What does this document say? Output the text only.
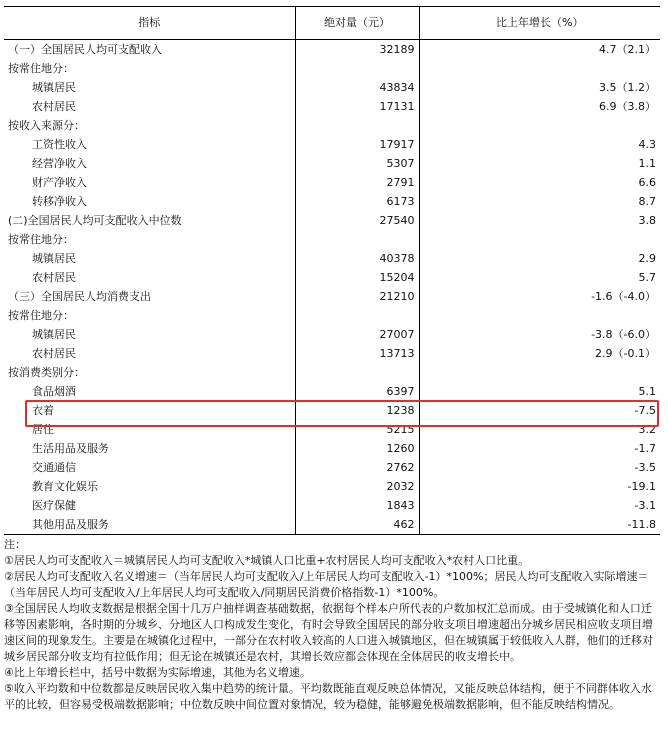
指标	绝对量（元）	比上年增长（%）
（一）全国居民人均可支配收入	32189	4.7（2.1）
按常住地分：		
城镇居民	43834	3.5（1.2）
农村居民	17131	6.9（3.8）
按收入来源分：		
工资性收入	17917	4.3
经营净收入	5307	1.1
财产净收入	2791	6.6
转移净收入	6173	8.7
(二)全国居民人均可支配收入中位数	27540	3.8
按常住地分：		
城镇居民	40378	2.9
农村居民	15204	5.7
（三）全国居民人均消费支出	21210	-1.6（-4.0）
按常住地分：		
城镇居民	27007	-3.8（-6.0）
农村居民	13713	2.9（-0.1）
按消费类别分：		
食品烟酒	6397	5.1
衣着	1238	-7.5
居住	5215	3.2
生活用品及服务	1260	-1.7
交通通信	2762	-3.5
教育文化娱乐	2032	-19.1
医疗保健	1843	-3.1
其他用品及服务	462	-11.8

注：

①居民人均可支配收入＝城镇居民人均可支配收入*城镇人口比重+农村居民人均可支配收入*农村人口比重。

②居民人均可支配收入名义增速＝（当年居民人均可支配收入/上年居民人均可支配收入-1）*100%；居民人均可支配收入实际增速＝（当年居民人均可支配收入/上年居民人均可支配收入/同期居民消费价格指数-1）*100%。

③全国居民人均收支数据是根据全国十几万户抽样调查基础数据，依据每个样本户所代表的户数加权汇总而成。由于受城镇化和人口迁移等因素影响，各时期的分城乡、分地区人口构成发生变化，有时会导致全国居民的部分收支项目增速超出分城乡居民相应收支项目增速区间的现象发生。主要是在城镇化过程中，一部分在农村收入较高的人口进入城镇地区，但在城镇属于较低收入人群，他们的迁移对城乡居民部分收支均有拉低作用；但无论在城镇还是农村，其增长效应都会体现在全体居民的收支增长中。

④比上年增长栏中，括号中数据为实际增速，其他为名义增速。

⑤收入平均数和中位数都是反映居民收入集中趋势的统计量。平均数既能直观反映总体情况，又能反映总体结构，便于不同群体收入水平的比较，但容易受极端数据影响；中位数反映中间位置对象情况，较为稳健，能够避免极端数据影响，但不能反映结构情况。
